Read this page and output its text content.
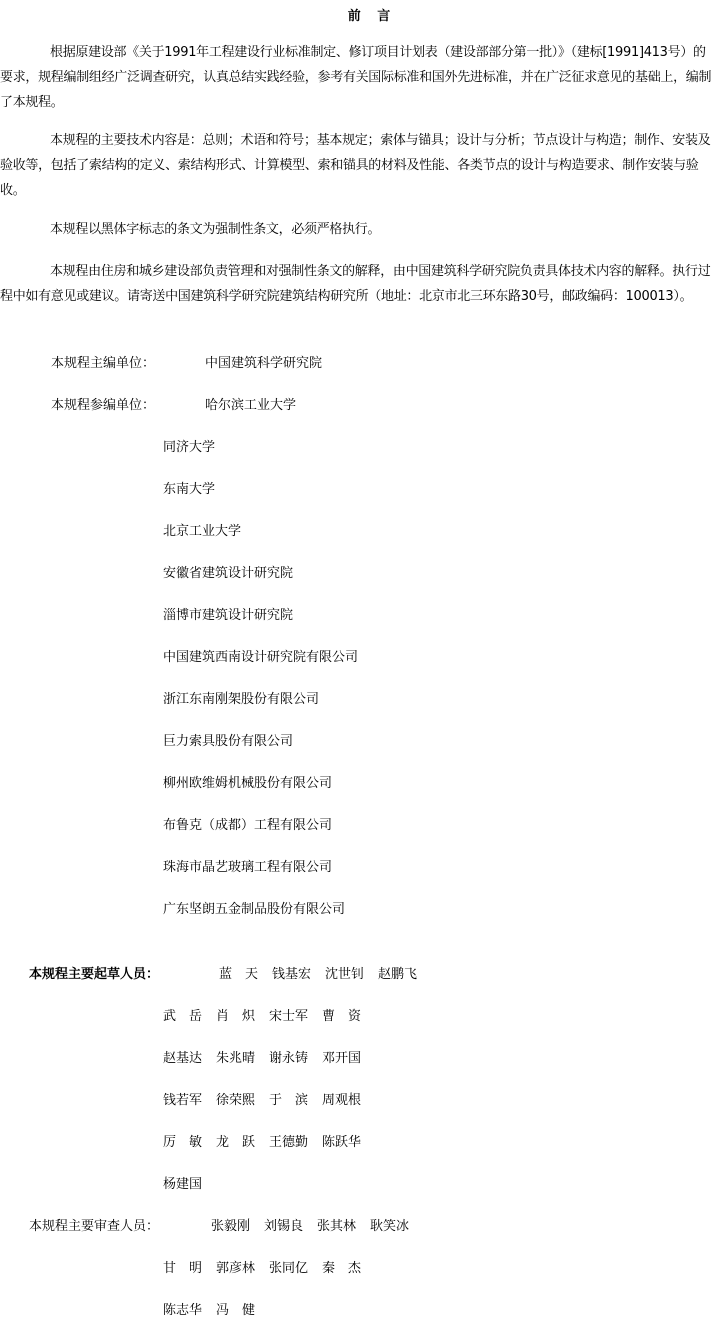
前 言

根据原建设部《关于1991年工程建设行业标准制定、修订项目计划表（建设部部分第一批）》（建标[1991]413号）的要求，规程编制组经广泛调查研究，认真总结实践经验，参考有关国际标准和国外先进标准，并在广泛征求意见的基础上，编制了本规程。

本规程的主要技术内容是：总则；术语和符号；基本规定；索体与锚具；设计与分析；节点设计与构造；制作、安装及验收等，包括了索结构的定义、索结构形式、计算模型、索和锚具的材料及性能、各类节点的设计与构造要求、制作安装与验收。

本规程以黑体字标志的条文为强制性条文，必须严格执行。

本规程由住房和城乡建设部负责管理和对强制性条文的解释，由中国建筑科学研究院负责具体技术内容的解释。执行过程中如有意见或建议。请寄送中国建筑科学研究院建筑结构研究所（地址：北京市北三环东路30号，邮政编码：100013）。

本规程主编单位：	中国建筑科学研究院
本规程参编单位：	哈尔滨工业大学
同济大学
东南大学
北京工业大学
安徽省建筑设计研究院
淄博市建筑设计研究院
中国建筑西南设计研究院有限公司
浙江东南刚架股份有限公司
巨力索具股份有限公司
柳州欧维姆机械股份有限公司
布鲁克（成都）工程有限公司
珠海市晶艺玻璃工程有限公司
广东坚朗五金制品股份有限公司
本规程主要起草人员：	蓝　天 钱基宏 沈世钊 赵鹏飞
武　岳 肖　炽 宋士军 曹　资
赵基达 朱兆晴 谢永铸 邓开国
钱若军 徐荣熙 于　滨 周观根
厉　敏 龙　跃 王德勤 陈跃华
杨建国
本规程主要审查人员：	张毅刚 刘锡良 张其林 耿笑冰
甘　明 郭彦林 张同亿 秦　杰
陈志华 冯　健
